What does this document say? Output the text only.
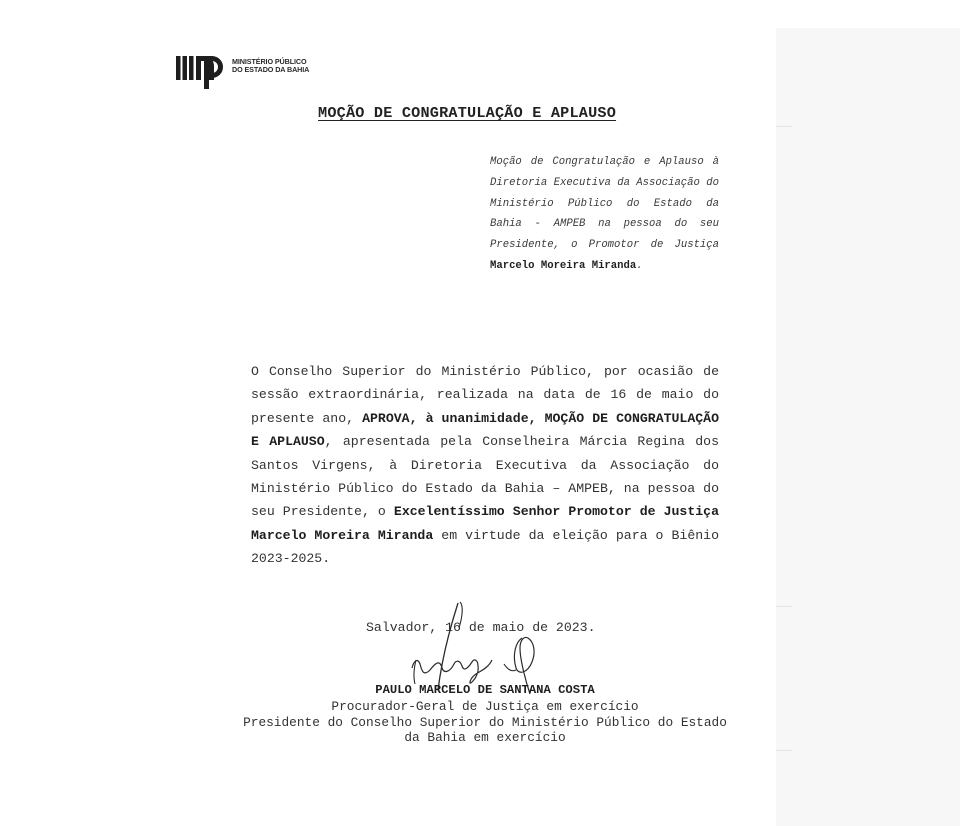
MINISTÉRIO PÚBLICO
DO ESTADO DA BAHIA
MOÇÃO DE CONGRATULAÇÃO E APLAUSO
Moção de Congratulação e Aplauso à Diretoria Executiva da Associação do Ministério Público do Estado da Bahia - AMPEB na pessoa do seu Presidente, o Promotor de Justiça Marcelo Moreira Miranda.
O Conselho Superior do Ministério Público, por ocasião de sessão extraordinária, realizada na data de 16 de maio do presente ano, APROVA, à unanimidade, MOÇÃO DE CONGRATULAÇÃO E APLAUSO, apresentada pela Conselheira Márcia Regina dos Santos Virgens, à Diretoria Executiva da Associação do Ministério Público do Estado da Bahia – AMPEB, na pessoa do seu Presidente, o Excelentíssimo Senhor Promotor de Justiça Marcelo Moreira Miranda em virtude da eleição para o Biênio 2023-2025.
Salvador, 16 de maio de 2023.
PAULO MARCELO DE SANTANA COSTA
Procurador-Geral de Justiça em exercício
Presidente do Conselho Superior do Ministério Público do Estado da Bahia em exercício
